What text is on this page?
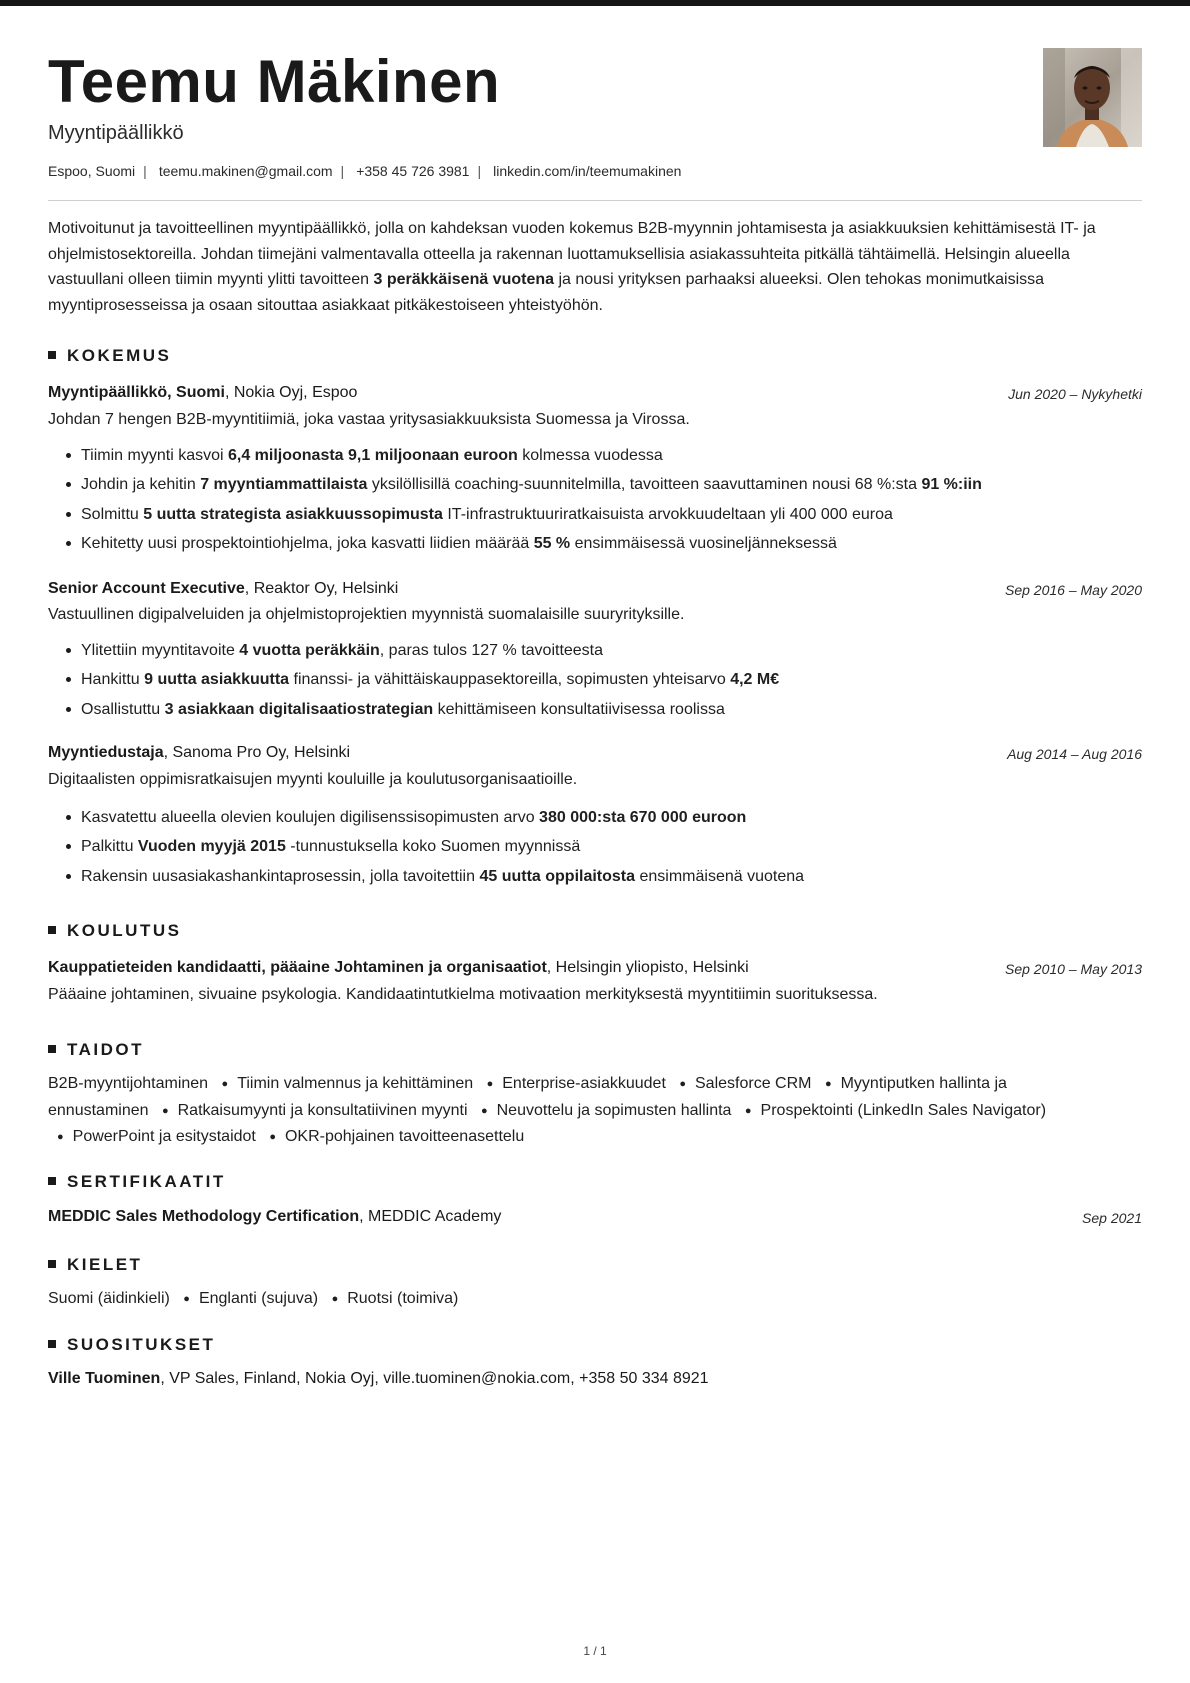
Teemu Mäkinen
Myyntipäällikkö
Espoo, Suomi | teemu.makinen@gmail.com | +358 45 726 3981 | linkedin.com/in/teemumakinen
Motivoitunut ja tavoitteellinen myyntipäällikkö, jolla on kahdeksan vuoden kokemus B2B-myynnin johtamisesta ja asiakkuuksien kehittämisestä IT- ja ohjelmistosektoreilla. Johdan tiimejäni valmentavalla otteella ja rakennan luottamuksellisia asiakassuhteita pitkällä tähtäimellä. Helsingin alueella vastuullani olleen tiimin myynti ylitti tavoitteen 3 peräkkäisenä vuotena ja nousi yrityksen parhaaksi alueeksi. Olen tehokas monimutkaisissa myyntiprosesseissa ja osaan sitouttaa asiakkaat pitkäkestoiseen yhteistyöhön.
KOKEMUS
Myyntipäällikkö, Suomi, Nokia Oyj, Espoo	Jun 2020 – Nykyhetki
Johdan 7 hengen B2B-myyntitiimiä, joka vastaa yritysasiakkuuksista Suomessa ja Virossa.
Tiimin myynti kasvoi 6,4 miljoonasta 9,1 miljoonaan euroon kolmessa vuodessa
Johdin ja kehitin 7 myyntiammattilaista yksilöllisillä coaching-suunnitelmilla, tavoitteen saavuttaminen nousi 68 %:sta 91 %:iin
Solmittu 5 uutta strategista asiakkuussopimusta IT-infrastruktuuriratkaisuista arvokkuudeltaan yli 400 000 euroa
Kehitetty uusi prospektointiohjelma, joka kasvatti liidien määrää 55 % ensimmäisessä vuosineljänneksessä
Senior Account Executive, Reaktor Oy, Helsinki	Sep 2016 – May 2020
Vastuullinen digipalveluiden ja ohjelmistoprojektien myynnistä suomalaisille suuryrityksille.
Ylitettiin myyntitavoite 4 vuotta peräkkäin, paras tulos 127 % tavoitteesta
Hankittu 9 uutta asiakkuutta finanssi- ja vähittäiskauppasektoreilla, sopimusten yhteisarvo 4,2 M€
Osallistuttu 3 asiakkaan digitalisaatiostrategian kehittämiseen konsultatiivisessa roolissa
Myyntiedustaja, Sanoma Pro Oy, Helsinki	Aug 2014 – Aug 2016
Digitaalisten oppimisratkaisujen myynti kouluille ja koulutusorganisaatioille.
Kasvatettu alueella olevien koulujen digilisenssisopimusten arvo 380 000:sta 670 000 euroon
Palkittu Vuoden myyjä 2015 -tunnustuksella koko Suomen myynnissä
Rakensin uusasiakashankintaprosessin, jolla tavoitettiin 45 uutta oppilaitosta ensimmäisenä vuotena
KOULUTUS
Kauppatieteiden kandidaatti, pääaine Johtaminen ja organisaatiot, Helsingin yliopisto, Helsinki	Sep 2010 – May 2013
Pääaine johtaminen, sivuaine psykologia. Kandidaatintutkielma motivaation merkityksestä myyntitiimin suorituksessa.
TAIDOT
B2B-myyntijohtaminen ● Tiimin valmennus ja kehittäminen ● Enterprise-asiakkuudet ● Salesforce CRM ● Myyntiputken hallinta ja ennustaminen ● Ratkaisumyynti ja konsultatiivinen myynti ● Neuvottelu ja sopimusten hallinta ● Prospektointi (LinkedIn Sales Navigator) ● PowerPoint ja esitystaidot ● OKR-pohjainen tavoitteenasettelu
SERTIFIKAATIT
MEDDIC Sales Methodology Certification, MEDDIC Academy	Sep 2021
KIELET
Suomi (äidinkieli) ● Englanti (sujuva) ● Ruotsi (toimiva)
SUOSITUKSET
Ville Tuominen, VP Sales, Finland, Nokia Oyj, ville.tuominen@nokia.com, +358 50 334 8921
1 / 1
